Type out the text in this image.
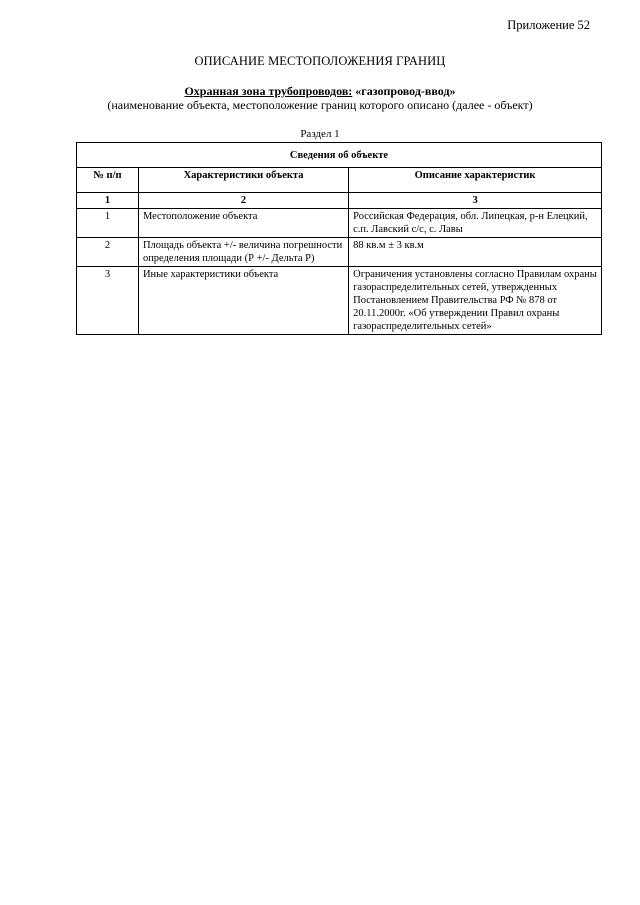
Приложение 52
ОПИСАНИЕ МЕСТОПОЛОЖЕНИЯ ГРАНИЦ
Охранная зона трубопроводов: «газопровод-ввод»
(наименование объекта, местоположение границ которого описано (далее - объект)
Раздел 1
Сведения об объекте		
№ п/п	Характеристики объекта	Описание характеристик
1	2	3
1	Местоположение объекта	Российская Федерация, обл. Липецкая, р-н Елецкий, с.п. Лавский с/с, с. Лавы
2	Площадь объекта +/- величина погрешности определения площади (Р +/- Дельта Р)	88 кв.м ± 3 кв.м
3	Иные характеристики объекта	Ограничения установлены согласно Правилам охраны газораспределительных сетей, утвержденных Постановлением Правительства РФ № 878 от 20.11.2000г. «Об утверждении Правил охраны газораспределительных сетей»
